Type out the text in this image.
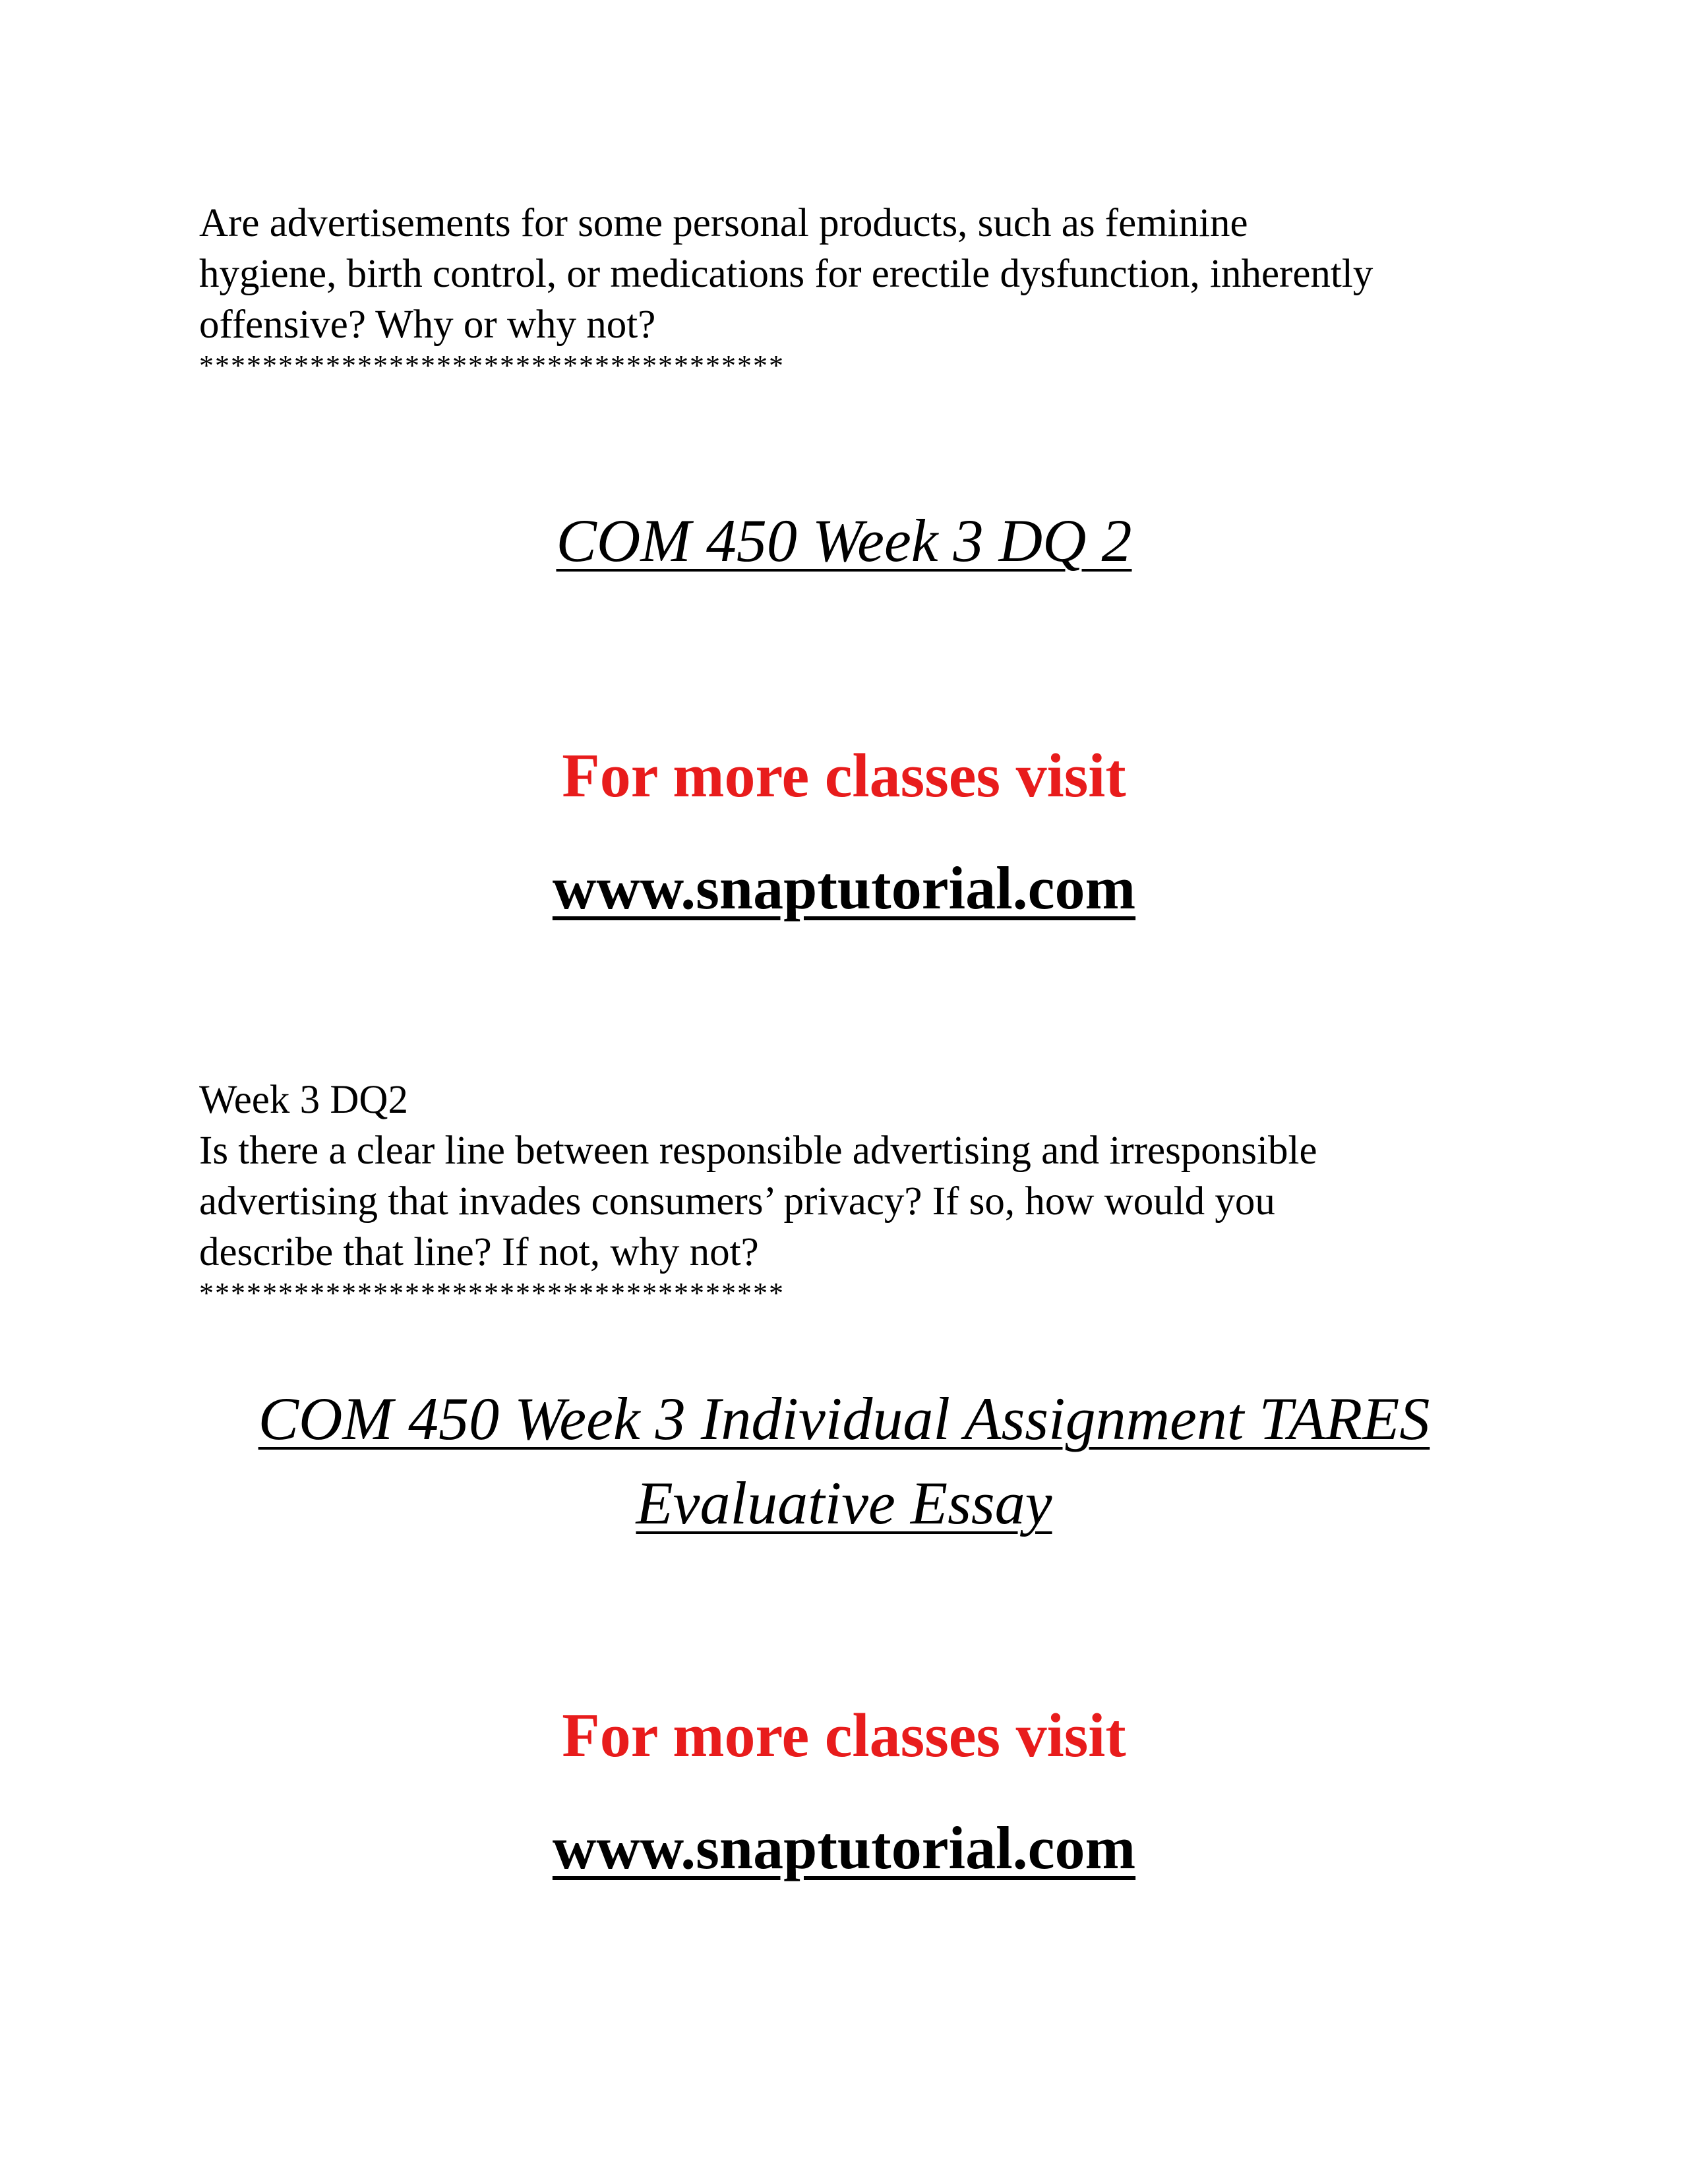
Are advertisements for some personal products, such as feminine
hygiene, birth control, or medications for erectile dysfunction, inherently
offensive? Why or why not?
*************************************
COM 450 Week 3 DQ 2
For more classes visit
www.snaptutorial.com
Week 3 DQ2
Is there a clear line between responsible advertising and irresponsible
advertising that invades consumers’ privacy? If so, how would you
describe that line? If not, why not?
*************************************
COM 450 Week 3 Individual Assignment TARES
Evaluative Essay
For more classes visit
www.snaptutorial.com
